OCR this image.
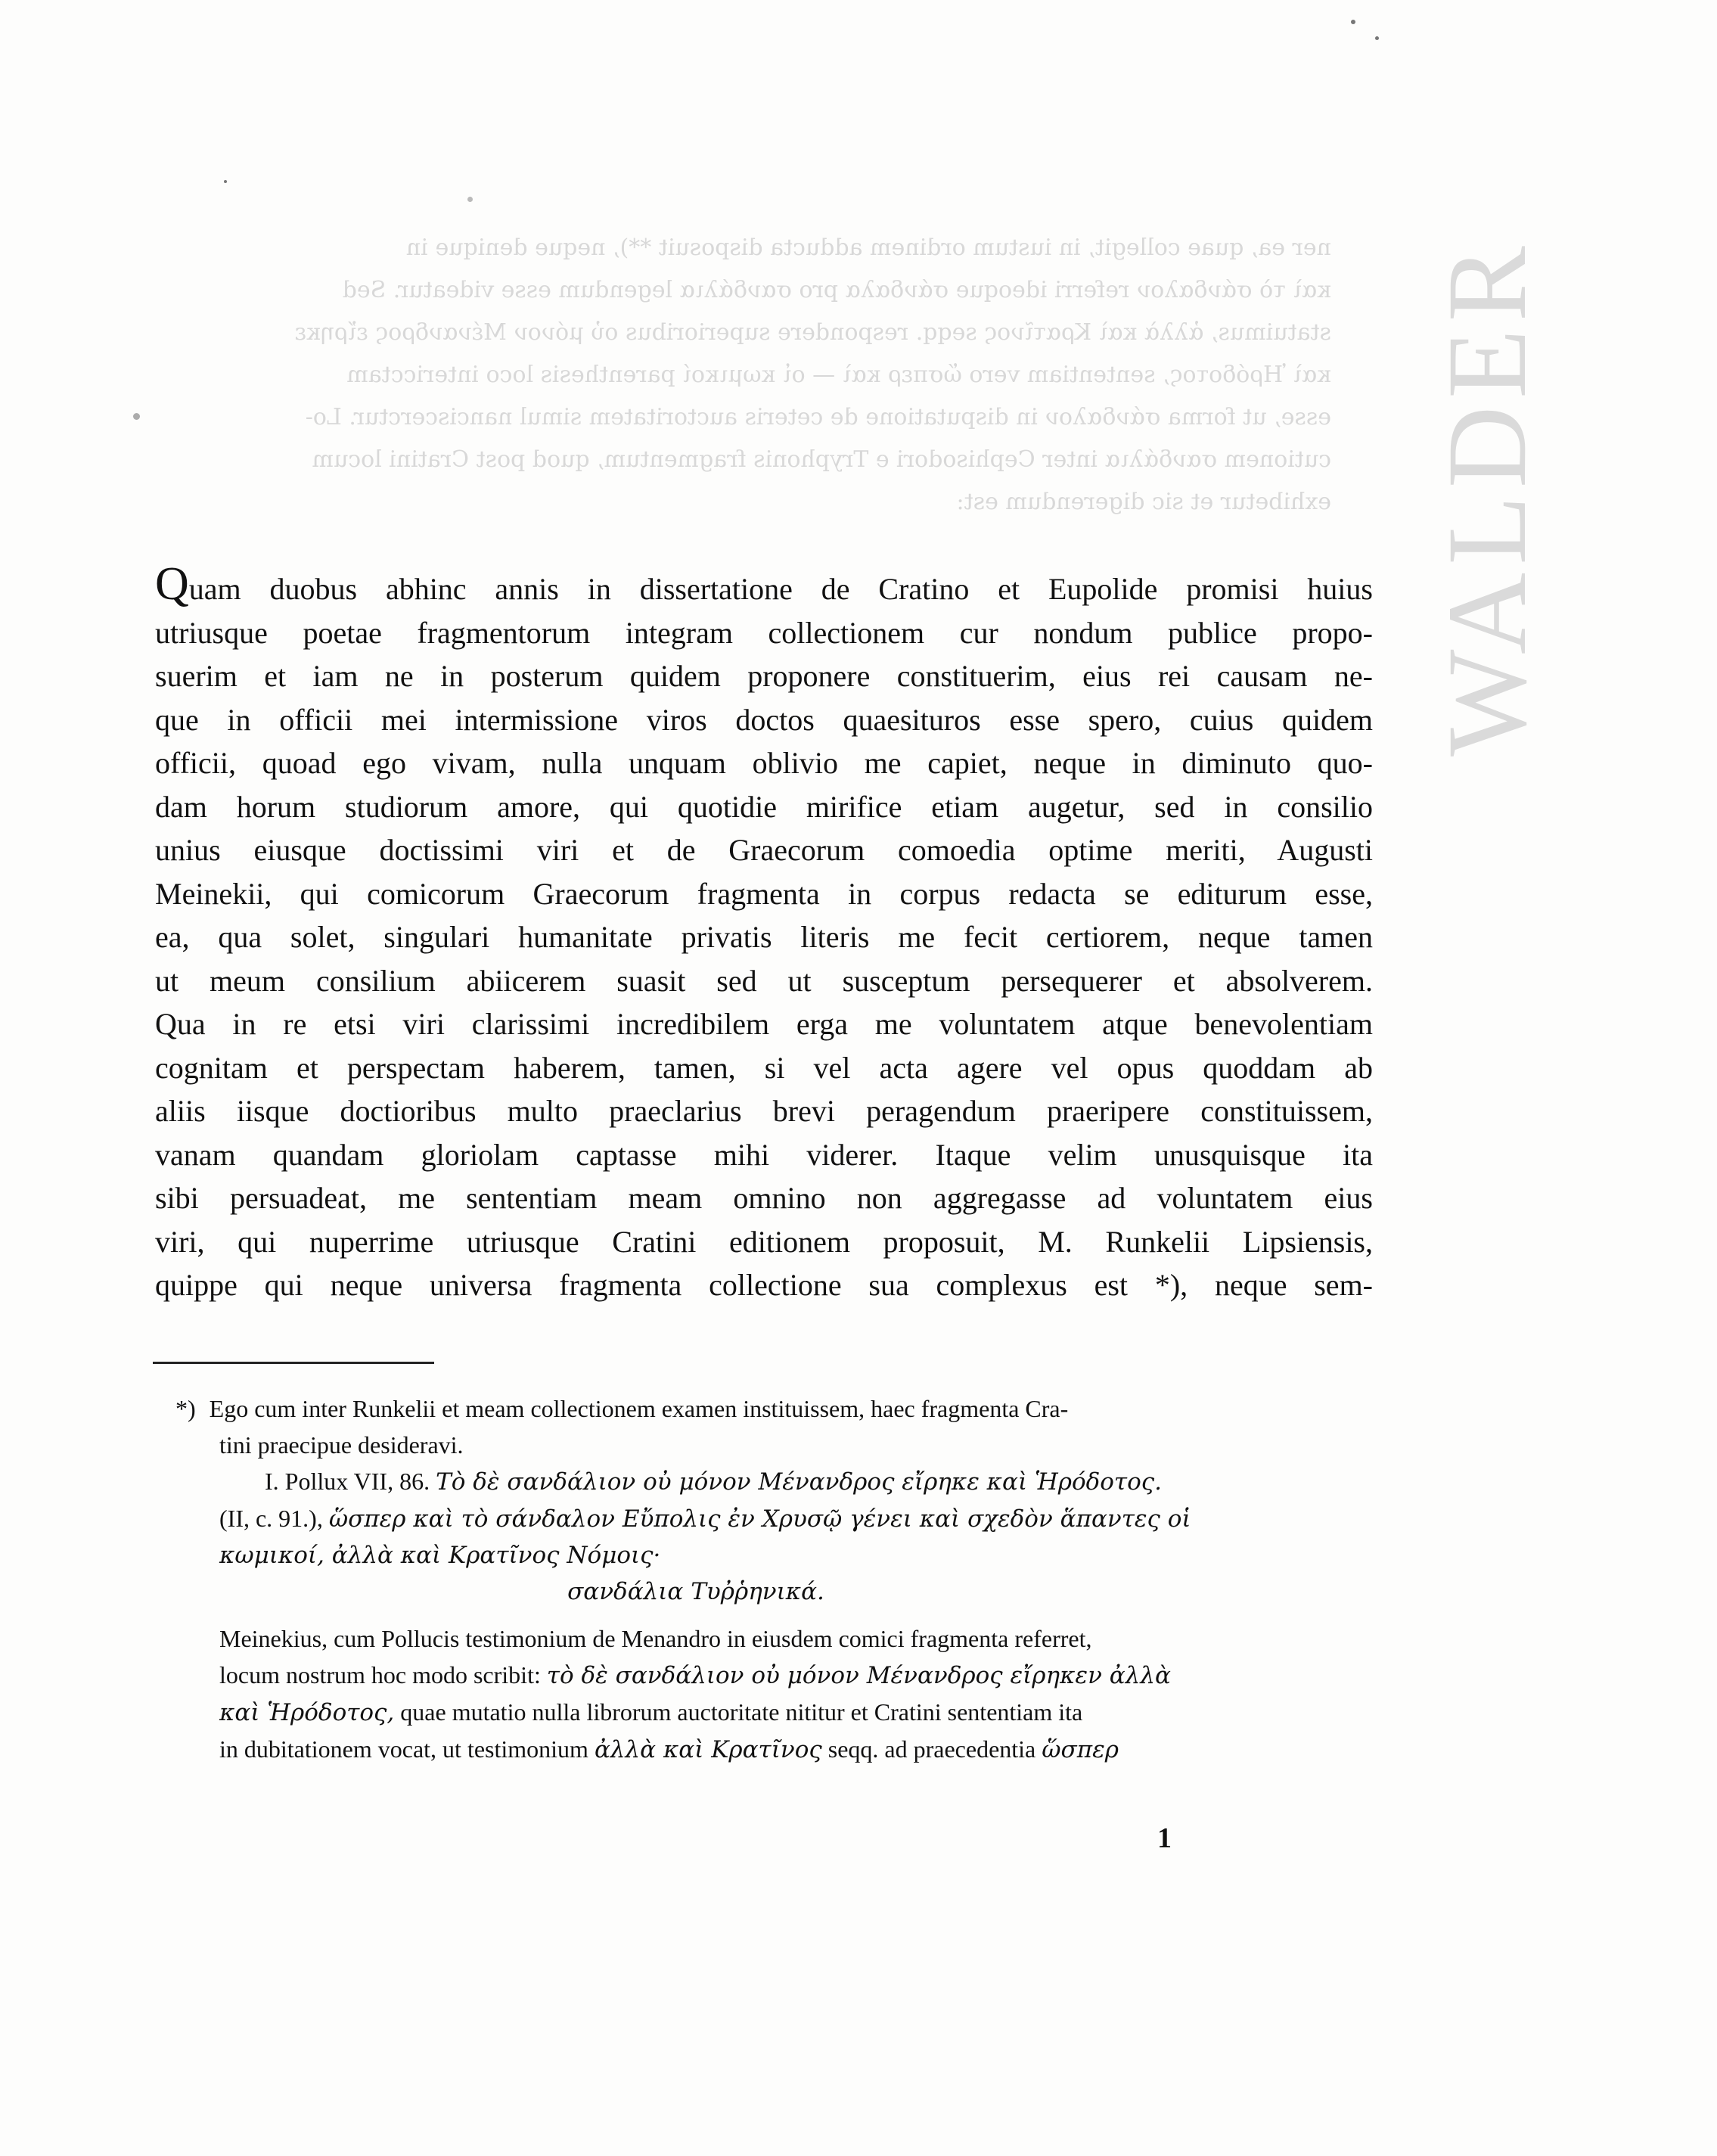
ner ea, quae collegit, in iustum ordinem adducta disposuit **), neque denique in
καὶ τὸ σάνδαλον referri ideoque σάνδαλα pro σανδάλια legendum esse videatur. Sed
statuimus, ἀλλὰ καὶ Κρατῖνος seqq. respondere superioribus οὐ μόνον Μένανδρος εἴρηκε
καὶ Ἡρόδοτος, sententiam vero ὥσπερ καὶ — οἱ κωμικοί parenthesis loco intericctam
esse, ut forma σάνδαλον in disputatione de ceteris auctoritatem simul nanciscerctur. Lo-
cutionem σανδάλια inter Cephisodori e Tryphonis fragmentum, quod post Cratini locum
exhibetur et sic digerendum est: WALDER
Quam duobus abhinc annis in dissertatione de Cratino et Eupolide promisi huius
utriusque poetae fragmentorum integram collectionem cur nondum publice propo-
suerim et iam ne in posterum quidem proponere constituerim, eius rei causam ne-
que in officii mei intermissione viros doctos quaesituros esse spero, cuius quidem
officii, quoad ego vivam, nulla unquam oblivio me capiet, neque in diminuto quo-
dam horum studiorum amore, qui quotidie mirifice etiam augetur, sed in consilio
unius eiusque doctissimi viri et de Graecorum comoedia optime meriti, Augusti
Meinekii, qui comicorum Graecorum fragmenta in corpus redacta se editurum esse,
ea, qua solet, singulari humanitate privatis literis me fecit certiorem, neque tamen
ut meum consilium abiicerem suasit sed ut susceptum persequerer et absolverem.
Qua in re etsi viri clarissimi incredibilem erga me voluntatem atque benevolentiam
cognitam et perspectam haberem, tamen, si vel acta agere vel opus quoddam ab
aliis iisque doctioribus multo praeclarius brevi peragendum praeripere constituissem,
vanam quandam gloriolam captasse mihi viderer. Itaque velim unusquisque ita
sibi persuadeat, me sententiam meam omnino non aggregasse ad voluntatem eius
viri, qui nuperrime utriusque Cratini editionem proposuit, M. Runkelii Lipsiensis,
quippe qui neque universa fragmenta collectione sua complexus est *), neque sem-
*) Ego cum inter Runkelii et meam collectionem examen instituissem, haec fragmenta Cra-
tini praecipue desideravi.
I. Pollux VII, 86. Τὸ δὲ σανδάλιον οὐ μόνον Μένανδρος εἴρηκε καὶ Ἡρόδοτος.
(II, c. 91.), ὥσπερ καὶ τὸ σάνδαλον Εὔπολις ἐν Χρυσῷ γένει καὶ σχεδὸν ἅπαντες οἱ
κωμικοί, ἀλλὰ καὶ Κρατῖνος Νόμοις·
σανδάλια Τυῤῥηνικά.
Meinekius, cum Pollucis testimonium de Menandro in eiusdem comici fragmenta referret,
locum nostrum hoc modo scribit: τὸ δὲ σανδάλιον οὐ μόνον Μένανδρος εἴρηκεν ἀλλὰ
καὶ Ἡρόδοτος, quae mutatio nulla librorum auctoritate nititur et Cratini sententiam ita
in dubitationem vocat, ut testimonium ἀλλὰ καὶ Κρατῖνος seqq. ad praecedentia ὥσπερ
1
